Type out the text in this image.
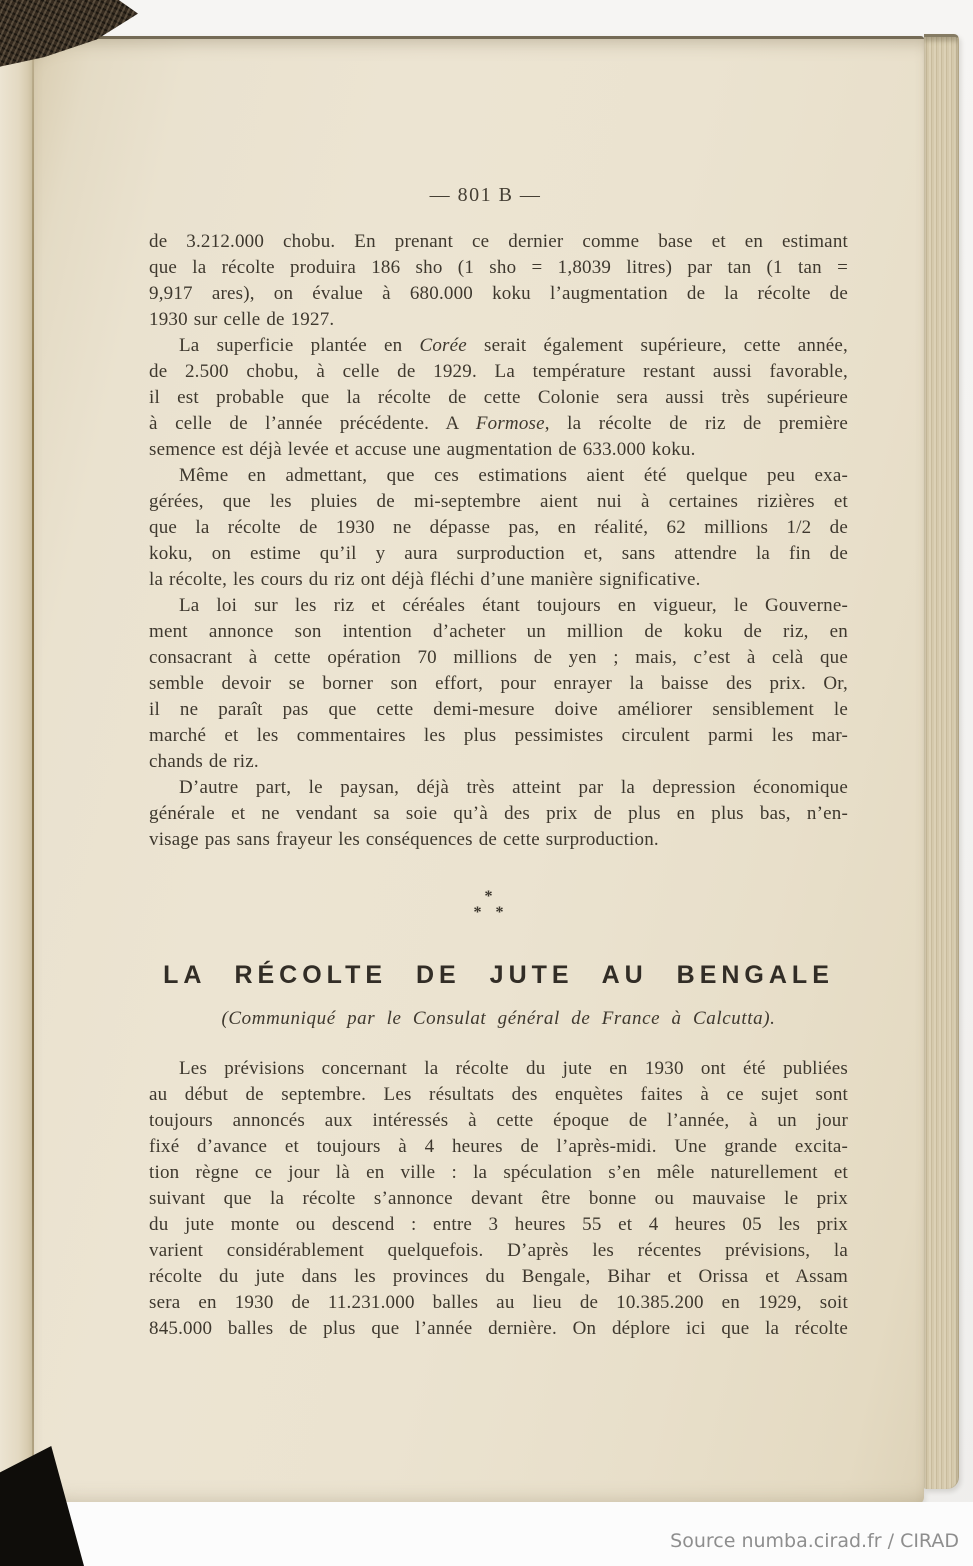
Source numba.cirad.fr / CIRAD
— 801 B —
de 3.212.000 chobu. En prenant ce dernier comme base et en estimant
que la récolte produira 186 sho (1 sho = 1,8039 litres) par tan (1 tan =
9,917 ares), on évalue à 680.000 koku l’augmentation de la récolte de
1930 sur celle de 1927.
La superficie plantée en Corée serait également supérieure, cette année,
de 2.500 chobu, à celle de 1929. La température restant aussi favorable,
il est probable que la récolte de cette Colonie sera aussi très supérieure
à celle de l’année précédente. A Formose, la récolte de riz de première
semence est déjà levée et accuse une augmentation de 633.000 koku.
Même en admettant, que ces estimations aient été quelque peu exa-
gérées, que les pluies de mi-septembre aient nui à certaines rizières et
que la récolte de 1930 ne dépasse pas, en réalité, 62 millions 1/2 de
koku, on estime qu’il y aura surproduction et, sans attendre la fin de
la récolte, les cours du riz ont déjà fléchi d’une manière significative.
La loi sur les riz et céréales étant toujours en vigueur, le Gouverne-
ment annonce son intention d’acheter un million de koku de riz, en
consacrant à cette opération 70 millions de yen ; mais, c’est à celà que
semble devoir se borner son effort, pour enrayer la baisse des prix. Or,
il ne paraît pas que cette demi-mesure doive améliorer sensiblement le
marché et les commentaires les plus pessimistes circulent parmi les mar-
chands de riz.
D’autre part, le paysan, déjà très atteint par la depression économique
générale et ne vendant sa soie qu’à des prix de plus en plus bas, n’en-
visage pas sans frayeur les conséquences de cette surproduction.
*
* *
LA RÉCOLTE DE JUTE AU BENGALE
(Communiqué par le Consulat général de France à Calcutta).
Les prévisions concernant la récolte du jute en 1930 ont été publiées
au début de septembre. Les résultats des enquètes faites à ce sujet sont
toujours annoncés aux intéressés à cette époque de l’année, à un jour
fixé d’avance et toujours à 4 heures de l’après-midi. Une grande excita-
tion règne ce jour là en ville : la spéculation s’en mêle naturellement et
suivant que la récolte s’annonce devant être bonne ou mauvaise le prix
du jute monte ou descend : entre 3 heures 55 et 4 heures 05 les prix
varient considérablement quelquefois. D’après les récentes prévisions, la
récolte du jute dans les provinces du Bengale, Bihar et Orissa et Assam
sera en 1930 de 11.231.000 balles au lieu de 10.385.200 en 1929, soit
845.000 balles de plus que l’année dernière. On déplore ici que la récolte
